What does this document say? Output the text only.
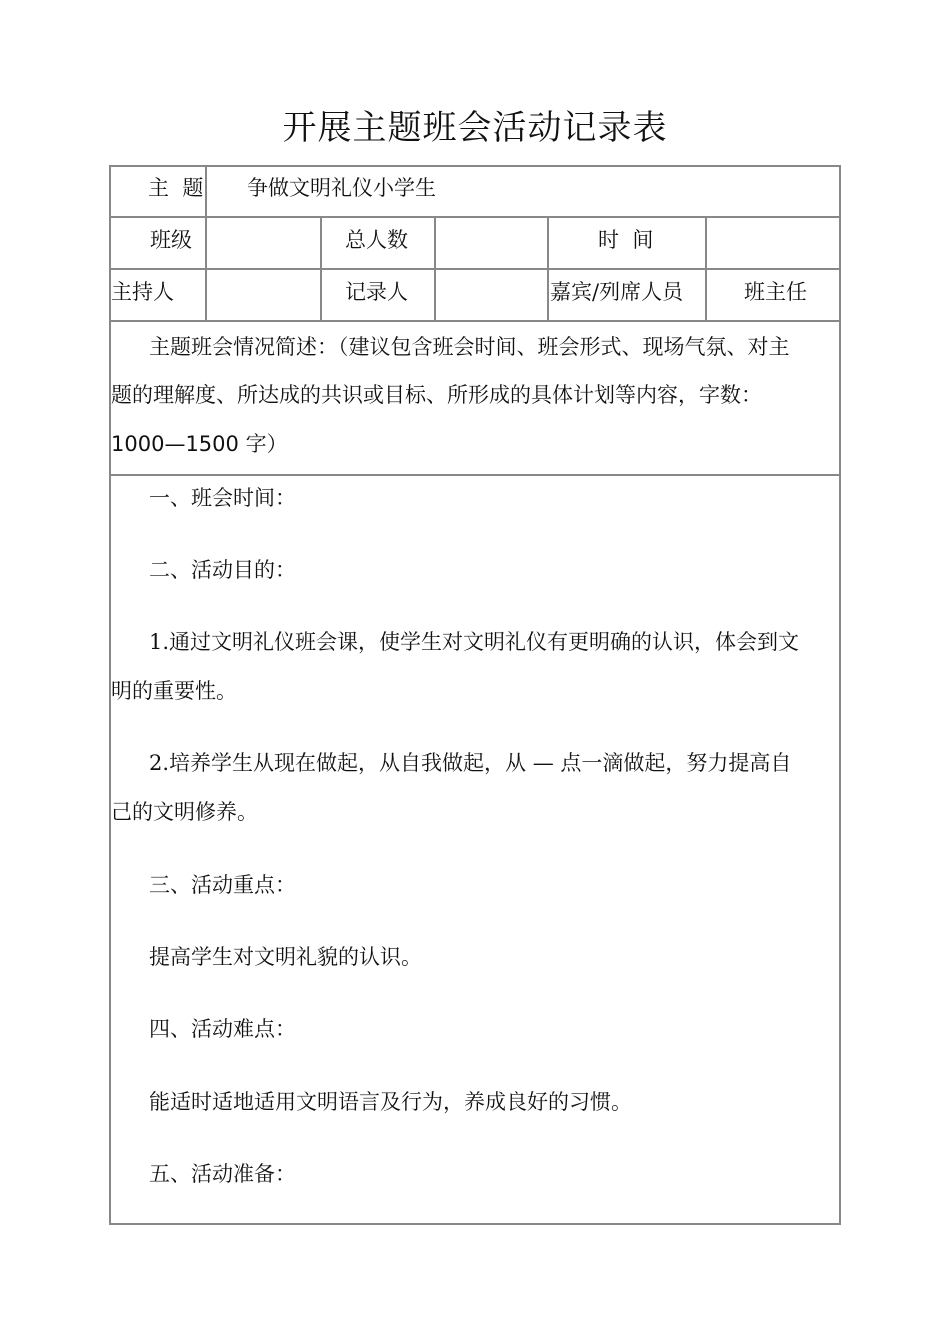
开展主题班会活动记录表
主  题 争做文明礼仪小学生
班级	总人数	时  间
主持人	记录人	嘉宾/列席人员	班主任
主题班会情况简述：（建议包含班会时间、班会形式、现场气氛、对主
题的理解度、所达成的共识或目标、所形成的具体计划等内容，字数：
1000—1500 字）
一、班会时间：
二、活动目的：
1.通过文明礼仪班会课，使学生对文明礼仪有更明确的认识，体会到文
明的重要性。
2.培养学生从现在做起，从自我做起，从 — 点一滴做起，努力提高自
己的文明修养。
三、活动重点：
提高学生对文明礼貌的认识。
四、活动难点：
能适时适地适用文明语言及行为，养成良好的习惯。
五、活动准备：
